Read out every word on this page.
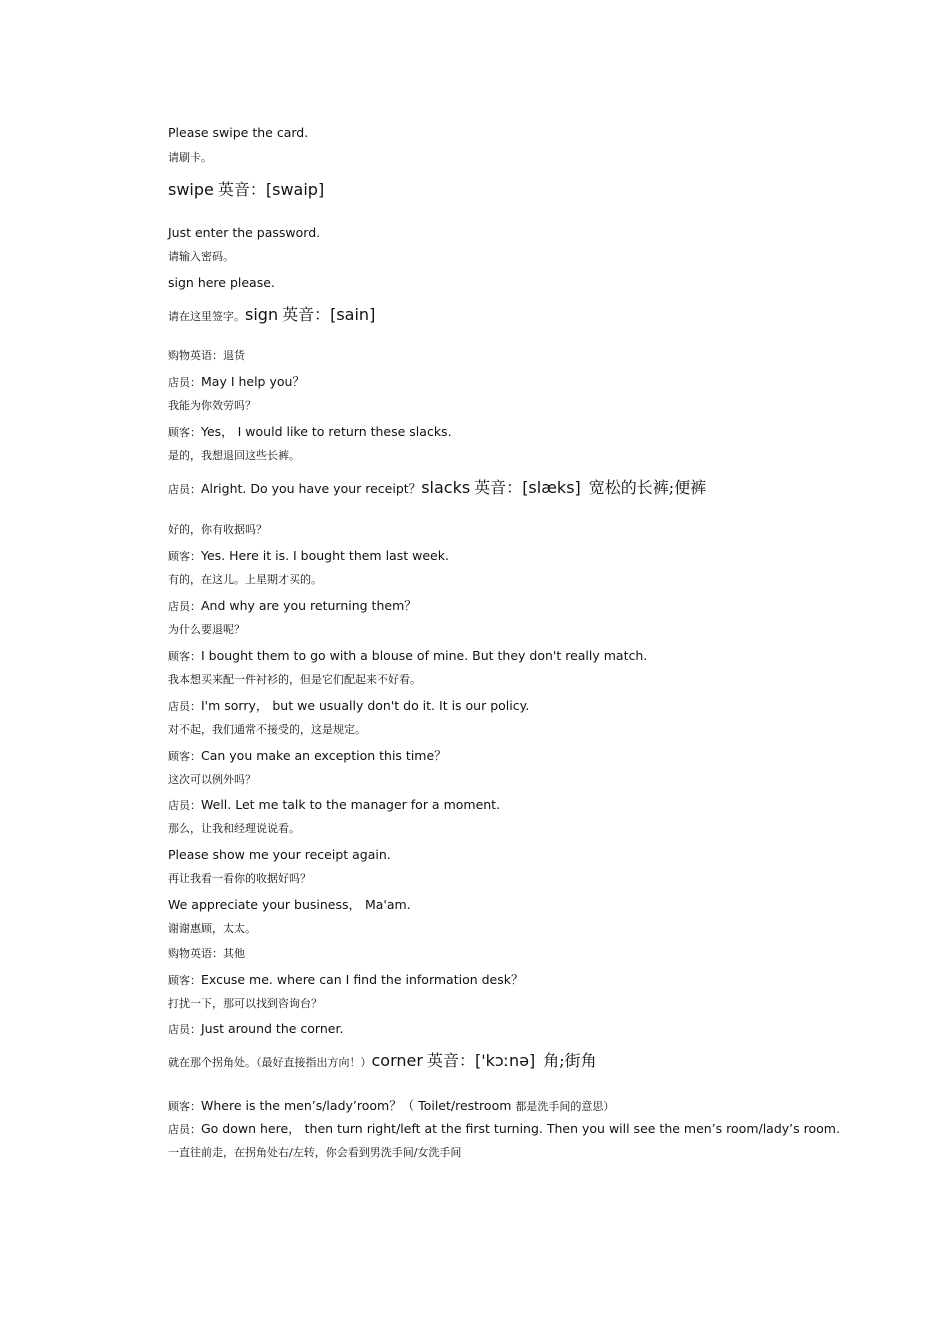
Please swipe the card.
请刷卡。
swipe
英音： [swaip]
Just enter the password.
请输入密码。
sign here please.
请在这里签字。 sign
英音： [sain]
购物英语：退货
店员： May I help you？
我能为你效劳吗？
顾客： Yes， I would like to return these slacks.
是的，我想退回这些长裤。
店员： Alright. Do you have your receipt？ slacks
英音： [slæks]
宽松的长裤;便裤
好的，你有收据吗？
顾客： Yes. Here it is. I bought them last week.
有的，在这儿。上星期才买的。
店员： And why are you returning them？
为什么要退呢？
顾客： I bought them to go with a blouse of mine. But they don't really match.
我本想买来配一件衬衫的，但是它们配起来不好看。
店员： I'm sorry， but we usually don't do it. It is our policy.
对不起，我们通常不接受的，这是规定。
顾客： Can you make an exception this time？
这次可以例外吗？
店员： Well. Let me talk to the manager for a moment.
那么，让我和经理说说看。
Please show me your receipt again.
再让我看一看你的收据好吗？
We appreciate your business， Ma'am.
谢谢惠顾，太太。
购物英语：其他
顾客： Excuse me. where can I find the information desk？
打扰一下，那可以找到咨询台？
店员： Just around the corner.
就在那个拐角处。（最好直接指出方向！） corner
英音： ['kɔːnə]
角;街角
顾客： Where is the men’s/lady’room？（ Toilet/restroom
都是洗手间的意思）
店员： Go down here， then turn right/left at the first turning. Then you will see the men’s room/lady’s room.
一直往前走，在拐角处右/左转，你会看到男洗手间/女洗手间
